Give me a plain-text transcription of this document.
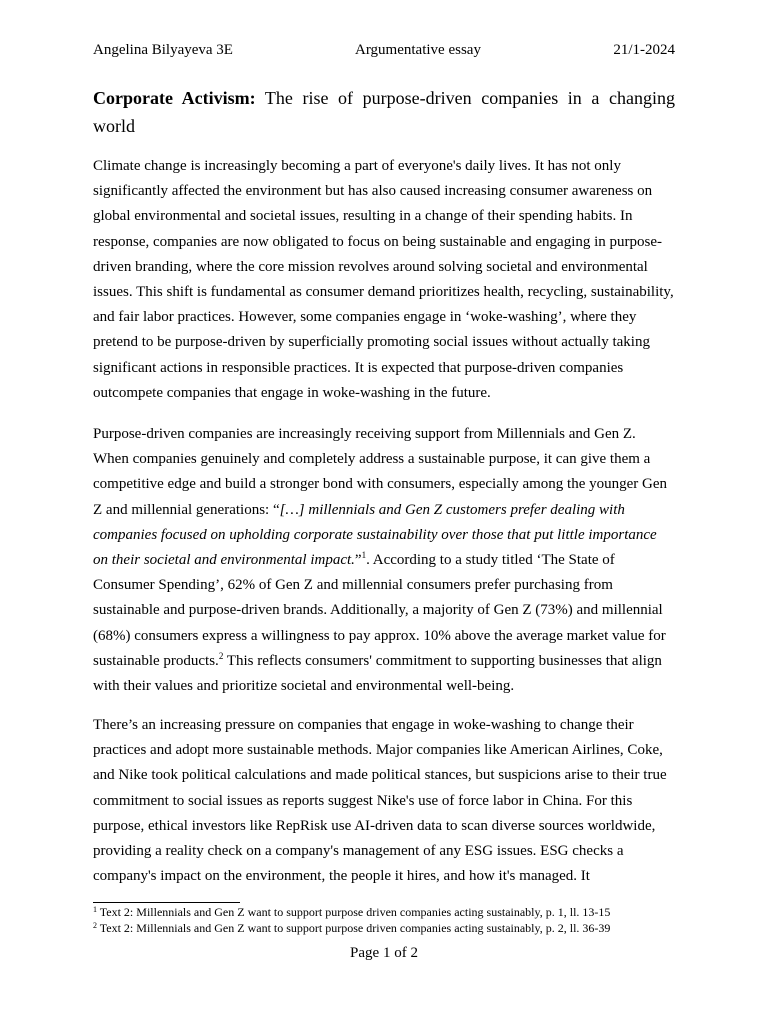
Angelina Bilyayeva 3E	Argumentative essay	21/1-2024
Corporate Activism: The rise of purpose-driven companies in a changing world

Climate change is increasingly becoming a part of everyone's daily lives. It has not only significantly affected the environment but has also caused increasing consumer awareness on global environmental and societal issues, resulting in a change of their spending habits. In response, companies are now obligated to focus on being sustainable and engaging in purpose-driven branding, where the core mission revolves around solving societal and environmental issues. This shift is fundamental as consumer demand prioritizes health, recycling, sustainability, and fair labor practices. However, some companies engage in ‘woke-washing’, where they pretend to be purpose-driven by superficially promoting social issues without actually taking significant actions in responsible practices. It is expected that purpose-driven companies outcompete companies that engage in woke-washing in the future.

Purpose-driven companies are increasingly receiving support from Millennials and Gen Z. When companies genuinely and completely address a sustainable purpose, it can give them a competitive edge and build a stronger bond with consumers, especially among the younger Gen Z and millennial generations: “[…] millennials and Gen Z customers prefer dealing with companies focused on upholding corporate sustainability over those that put little importance on their societal and environmental impact.”$^1$. According to a study titled ‘The State of Consumer Spending’, 62% of Gen Z and millennial consumers prefer purchasing from sustainable and purpose-driven brands. Additionally, a majority of Gen Z (73%) and millennial (68%) consumers express a willingness to pay approx. 10% above the average market value for sustainable products.$^2$ This reflects consumers' commitment to supporting businesses that align with their values and prioritize societal and environmental well-being.

There’s an increasing pressure on companies that engage in woke-washing to change their practices and adopt more sustainable methods. Major companies like American Airlines, Coke, and Nike took political calculations and made political stances, but suspicions arise to their true commitment to social issues as reports suggest Nike's use of force labor in China. For this purpose, ethical investors like RepRisk use AI-driven data to scan diverse sources worldwide, providing a reality check on a company's management of any ESG issues. ESG checks a company's impact on the environment, the people it hires, and how it's managed. It

$^1$ Text 2: Millennials and Gen Z want to support purpose driven companies acting sustainably, p. 1, ll. 13-15
$^2$ Text 2: Millennials and Gen Z want to support purpose driven companies acting sustainably, p. 2, ll. 36-39
Page 1 of 2
